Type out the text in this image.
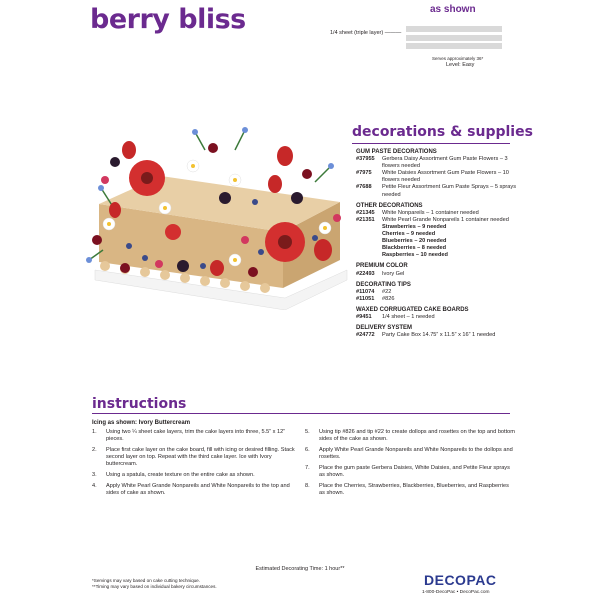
berry bliss	as shown
1/4 sheet (triple layer) ———
Serves approximately 36*
Level: Easy
decorations & supplies
GUM PASTE DECORATIONS
#37955	Gerbera Daisy Assortment Gum Paste Flowers – 3 flowers needed
#7975	White Daisies Assortment Gum Paste Flowers – 10 flowers needed
#7688	Petite Fleur Assortment Gum Paste Sprays – 5 sprays needed
OTHER DECORATIONS
#21345	White Nonpareils – 1 container needed
#21351	White Pearl Grande Nonpareils 1 container needed
Strawberries – 9 needed
Cherries – 9 needed
Blueberries – 20 needed
Blackberries – 8 needed
Raspberries – 10 needed
PREMIUM COLOR
#22493	Ivory Gel
DECORATING TIPS
#11074	#22
#11051	#826
WAXED CORRUGATED CAKE BOARDS
#9451	1/4 sheet – 1 needed
DELIVERY SYSTEM
#24772	Party Cake Box 14.75” x 11.5” x 16” 1 needed
instructions
Icing as shown: Ivory Buttercream
1.	Using two ¼ sheet cake layers, trim the cake layers into three, 5.5” x 12” pieces.
2.	Place first cake layer on the cake board, fill with icing or desired filling. Stack second layer on top. Repeat with the third cake layer. Ice with Ivory buttercream.
3.	Using a spatula, create texture on the entire cake as shown.
4.	Apply White Pearl Grande Nonpareils and White Nonpareils to the top and sides of cake as shown.
5.	Using tip #826 and tip #22 to create dollops and rosettes on the top and bottom sides of the cake as shown.
6.	Apply White Pearl Grande Nonpareils and White Nonpareils to the dollops and rosettes.
7.	Place the gum paste Gerbera Daisies, White Daisies, and Petite Fleur sprays as shown.
8.	Place the Cherries, Strawberries, Blackberries, Blueberries, and Raspberries as shown.
Estimated Decorating Time: 1 hour**
*Servings may vary based on cake cutting technique.
**Timing may vary based on individual bakery circumstances.	DECOPAC
1-800-DecoPac • DecoPac.com
